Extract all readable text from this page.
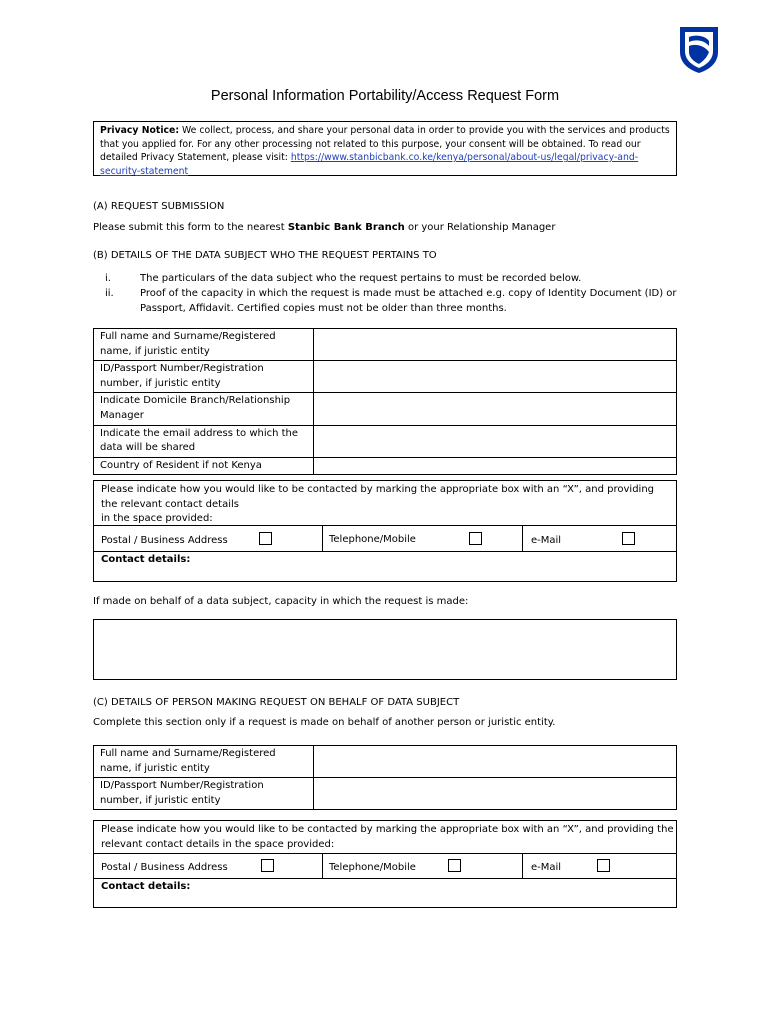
Personal Information Portability/Access Request Form
Privacy Notice: We collect, process, and share your personal data in order to provide you with the services and products that you applied for. For any other processing not related to this purpose, your consent will be obtained. To read our detailed Privacy Statement, please visit: https://www.stanbicbank.co.ke/kenya/personal/about-us/legal/privacy-and-security-statement
(A) REQUEST SUBMISSION
Please submit this form to the nearest Stanbic Bank Branch or your Relationship Manager
(B) DETAILS OF THE DATA SUBJECT WHO THE REQUEST PERTAINS TO
i.	The particulars of the data subject who the request pertains to must be recorded below.
ii.	Proof of the capacity in which the request is made must be attached e.g. copy of Identity Document (ID) or Passport, Affidavit. Certified copies must not be older than three months.
Full name and Surname/Registered name, if juristic entity	
ID/Passport Number/Registration number, if juristic entity	
Indicate Domicile Branch/Relationship Manager	
Indicate the email address to which the data will be shared	
Country of Resident if not Kenya	
Please indicate how you would like to be contacted by marking the appropriate box with an “X”, and providing the relevant contact details
in the space provided:
Postal / Business Address	Telephone/Mobile	e-Mail
Contact details:
If made on behalf of a data subject, capacity in which the request is made:
(C) DETAILS OF PERSON MAKING REQUEST ON BEHALF OF DATA SUBJECT
Complete this section only if a request is made on behalf of another person or juristic entity.
Full name and Surname/Registered name, if juristic entity	
ID/Passport Number/Registration number, if juristic entity	
Please indicate how you would like to be contacted by marking the appropriate box with an “X”, and providing the relevant contact details in the space provided:
Postal / Business Address	Telephone/Mobile	e-Mail
Contact details:
